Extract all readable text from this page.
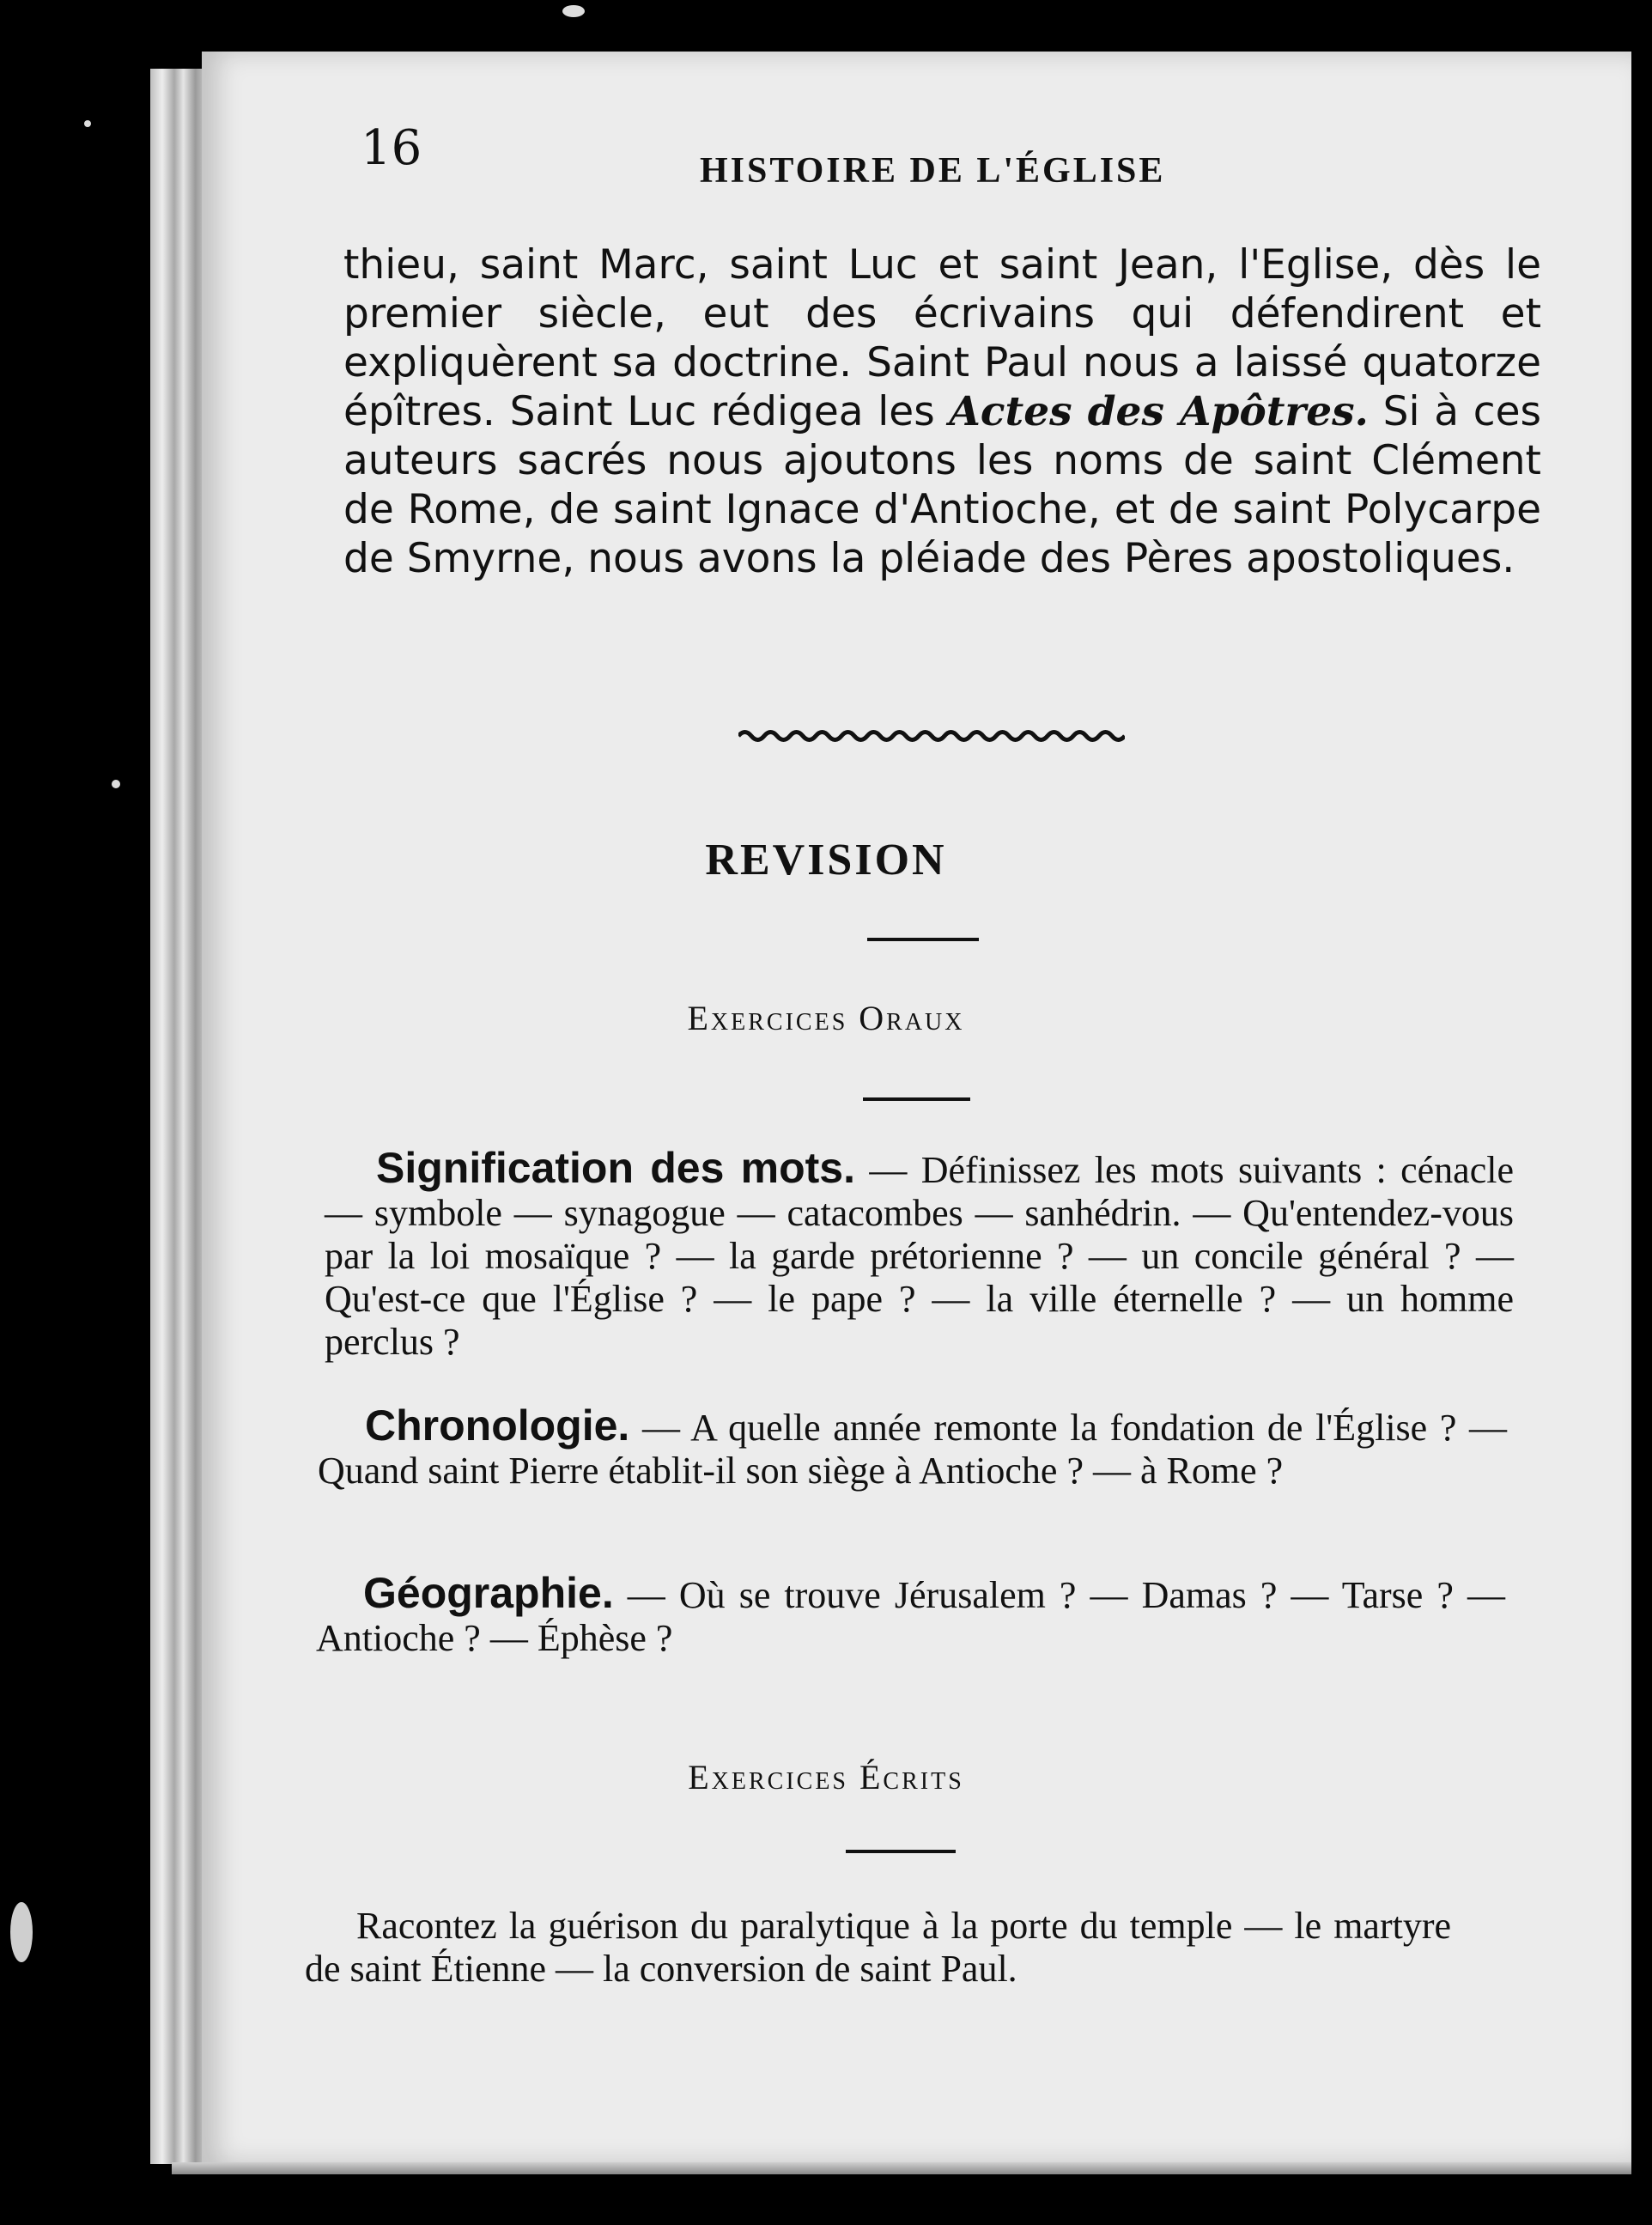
16	HISTOIRE DE L'ÉGLISE

thieu, saint Marc, saint Luc et saint Jean, l'Eglise, dès le premier siècle, eut des écrivains qui défendirent et expliquèrent sa doctrine. Saint Paul nous a laissé quatorze épîtres. Saint Luc rédigea les Actes des Apôtres. Si à ces auteurs sacrés nous ajoutons les noms de saint Clément de Rome, de saint Ignace d'Antioche, et de saint Polycarpe de Smyrne, nous avons la pléiade des Pères apostoliques.

REVISION
Exercices Oraux

Signification des mots. — Définissez les mots suivants : cénacle — symbole — synagogue — catacombes — sanhédrin. — Qu'entendez-vous par la loi mosaïque ? — la garde prétorienne ? — un concile général ? — Qu'est-ce que l'Église ? — le pape ? — la ville éternelle ? — un homme perclus ?

Chronologie. — A quelle année remonte la fondation de l'Église ? — Quand saint Pierre établit-il son siège à Antioche ? — à Rome ?

Géographie. — Où se trouve Jérusalem ? — Damas ? — Tarse ? — Antioche ? — Éphèse ?

Exercices Écrits

Racontez la guérison du paralytique à la porte du temple — le martyre de saint Étienne — la conversion de saint Paul.
